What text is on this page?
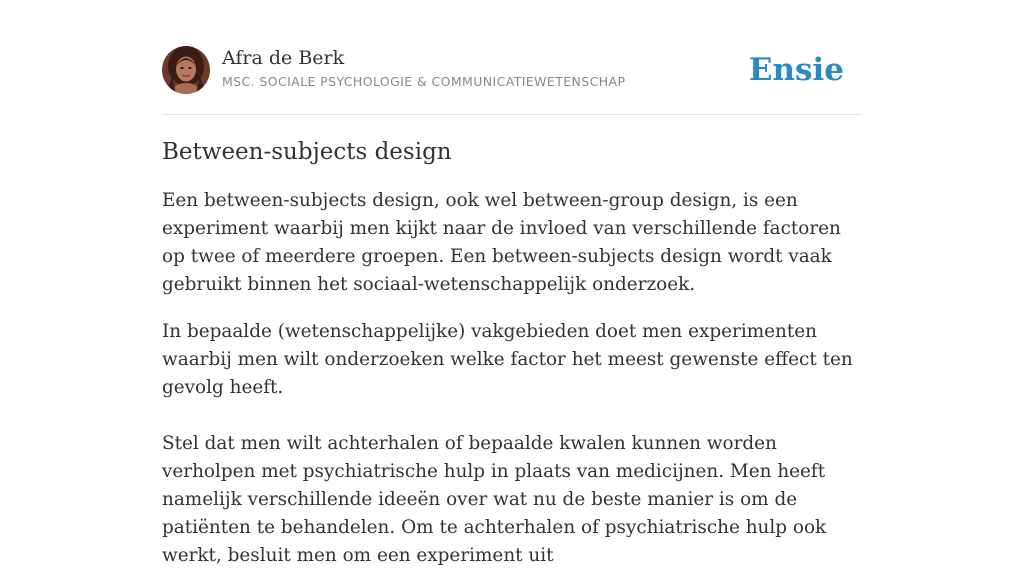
Afra de Berk
MSC. SOCIALE PSYCHOLOGIE & COMMUNICATIEWETENSCHAP	Ensie
Between-subjects design

Een between-subjects design, ook wel between-group design, is een experiment waarbij men kijkt naar de invloed van verschillende factoren op twee of meerdere groepen. Een between-subjects design wordt vaak gebruikt binnen het sociaal-wetenschappelijk onderzoek.

In bepaalde (wetenschappelijke) vakgebieden doet men experimenten waarbij men wilt onderzoeken welke factor het meest gewenste effect ten gevolg heeft.

Stel dat men wilt achterhalen of bepaalde kwalen kunnen worden verholpen met psychiatrische hulp in plaats van medicijnen. Men heeft namelijk verschillende ideeën over wat nu de beste manier is om de patiënten te behandelen. Om te achterhalen of psychiatrische hulp ook werkt, besluit men om een experiment uit
